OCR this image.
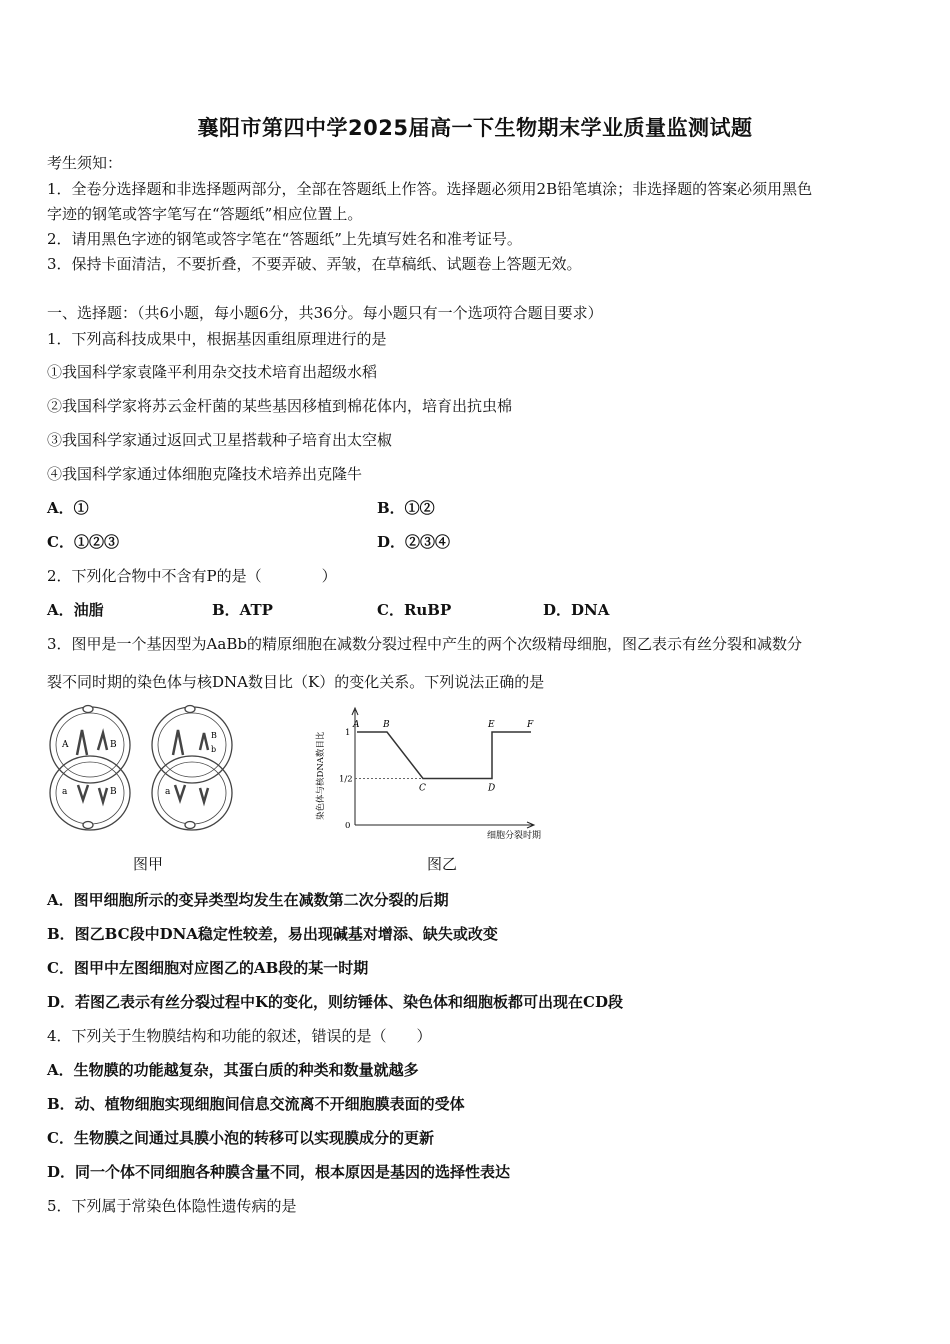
襄阳市第四中学2025届高一下生物期末学业质量监测试题
考生须知：
1．全卷分选择题和非选择题两部分，全部在答题纸上作答。选择题必须用2B铅笔填涂；非选择题的答案必须用黑色
字迹的钢笔或答字笔写在“答题纸”相应位置上。
2．请用黑色字迹的钢笔或答字笔在“答题纸”上先填写姓名和准考证号。
3．保持卡面清洁，不要折叠，不要弄破、弄皱，在草稿纸、试题卷上答题无效。
一、选择题：（共6小题，每小题6分，共36分。每小题只有一个选项符合题目要求）
1．下列高科技成果中，根据基因重组原理进行的是
①我国科学家袁隆平利用杂交技术培育出超级水稻
②我国科学家将苏云金杆菌的某些基因移植到棉花体内，培育出抗虫棉
③我国科学家通过返回式卫星搭载种子培育出太空椒
④我国科学家通过体细胞克隆技术培养出克隆牛
A．①	B．①②
C．①②③	D．②③④
2．下列化合物中不含有P的是（　　　　）
A．油脂	B．ATP	C．RuBP	D．DNA
3．图甲是一个基因型为AaBb的精原细胞在减数分裂过程中产生的两个次级精母细胞，图乙表示有丝分裂和减数分
裂不同时期的染色体与核DNA数目比（K）的变化关系。下列说法正确的是
A	B
a	B
B
b
a
图甲
染色体与核DNA数目比
细胞分裂时期
1
1/2
0
A	B
C	D
E	F
图乙
A．图甲细胞所示的变异类型均发生在减数第二次分裂的后期
B．图乙BC段中DNA稳定性较差，易出现碱基对增添、缺失或改变
C．图甲中左图细胞对应图乙的AB段的某一时期
D．若图乙表示有丝分裂过程中K的变化，则纺锤体、染色体和细胞板都可出现在CD段
4．下列关于生物膜结构和功能的叙述，错误的是（　　）
A．生物膜的功能越复杂，其蛋白质的种类和数量就越多
B．动、植物细胞实现细胞间信息交流离不开细胞膜表面的受体
C．生物膜之间通过具膜小泡的转移可以实现膜成分的更新
D．同一个体不同细胞各种膜含量不同，根本原因是基因的选择性表达
5．下列属于常染色体隐性遗传病的是
